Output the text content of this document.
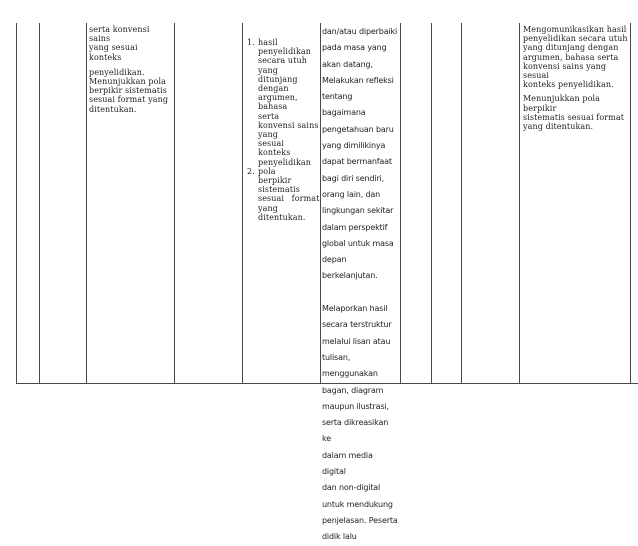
serta konvensi sains

yang sesuai konteks

penyelidikan.

Menunjukkan pola

berpikir sistematis

sesuai format yang

ditentukan.

1. hasil

penyelidikan

secara utuh

yang ditunjang

dengan

argumen,

bahasa serta

konvensi sains

yang sesuai

konteks

penyelidikan

2. pola berpikir

sistematis

sesuai format

yang

ditentukan.

dan/atau diperbaiki

pada masa yang

akan datang,

Melakukan refleksi

tentang bagaimana

pengetahuan baru

yang dimilikinya

dapat bermanfaat

bagi diri sendiri,

orang lain, dan

lingkungan sekitar

dalam perspektif

global untuk masa

depan berkelanjutan.

Melaporkan hasil

secara terstruktur

melalui lisan atau

tulisan,

menggunakan

bagan, diagram

maupun ilustrasi,

serta dikreasikan ke

dalam media digital

dan non-digital

untuk mendukung

penjelasan. Peserta

didik lalu

Mengomunikasikan hasil

penyelidikan secara utuh

yang ditunjang dengan

argumen, bahasa serta

konvensi sains yang sesuai

konteks penyelidikan.

Menunjukkan pola berpikir

sistematis sesuai format

yang ditentukan.
